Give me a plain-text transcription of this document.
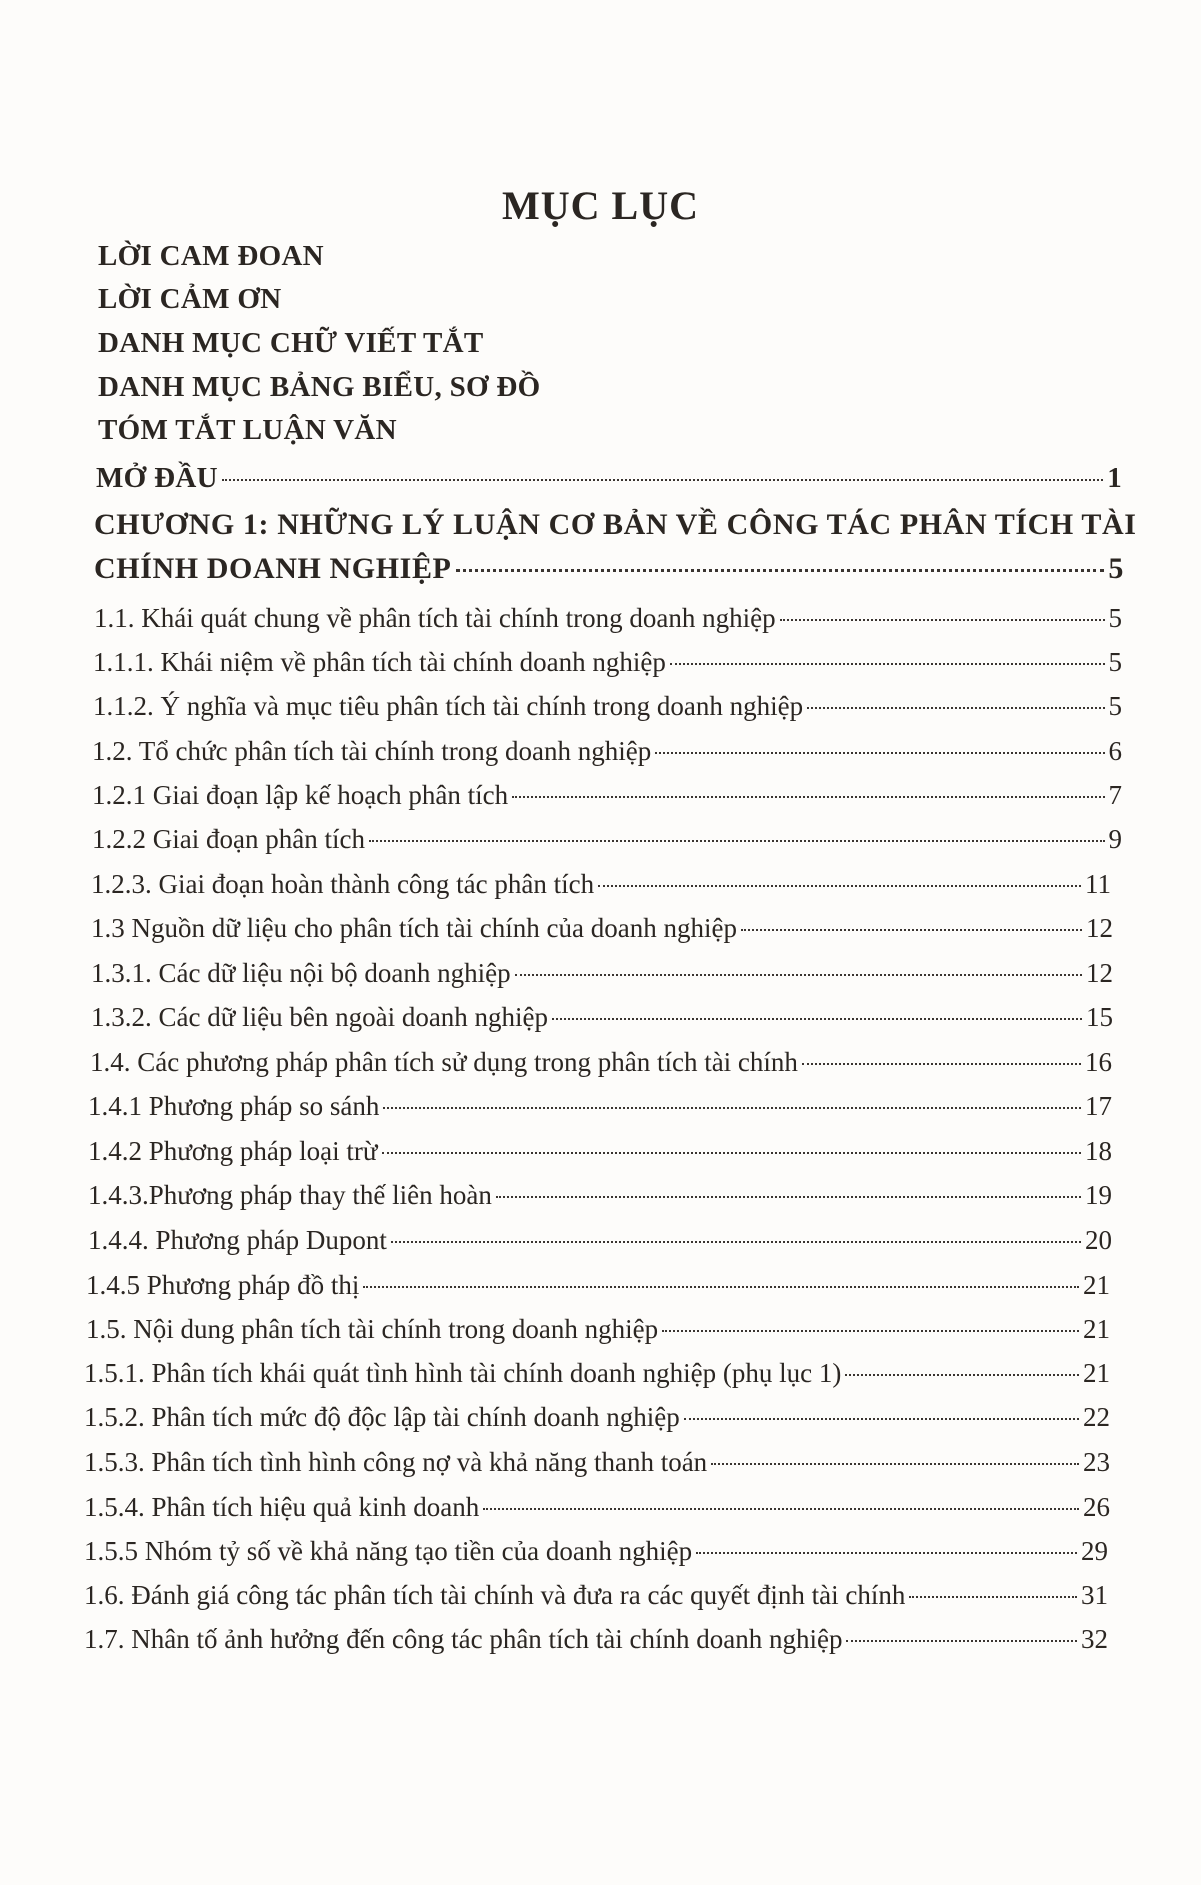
MỤC LỤC
LỜI CAM ĐOAN
LỜI CẢM ƠN
DANH MỤC CHỮ VIẾT TẮT
DANH MỤC BẢNG BIỂU, SƠ ĐỒ
TÓM TẮT LUẬN VĂN
MỞ ĐẦU	1
CHƯƠNG 1: NHỮNG LÝ LUẬN CƠ BẢN VỀ CÔNG TÁC PHÂN TÍCH TÀI
CHÍNH DOANH NGHIỆP	5
1.1. Khái quát chung về phân tích tài chính trong doanh nghiệp	5
1.1.1. Khái niệm về phân tích tài chính doanh nghiệp	5
1.1.2. Ý nghĩa và mục tiêu phân tích tài chính trong doanh nghiệp	5
1.2. Tổ chức phân tích tài chính trong doanh nghiệp	6
1.2.1 Giai đoạn lập kế hoạch phân tích	7
1.2.2 Giai đoạn phân tích	9
1.2.3. Giai đoạn hoàn thành công tác phân tích	11
1.3 Nguồn dữ liệu cho phân tích tài chính của doanh nghiệp	12
1.3.1. Các dữ liệu nội bộ doanh nghiệp	12
1.3.2. Các dữ liệu bên ngoài doanh nghiệp	15
1.4. Các phương pháp phân tích sử dụng trong phân tích tài chính	16
1.4.1 Phương pháp so sánh	17
1.4.2 Phương pháp loại trừ	18
1.4.3.Phương pháp thay thế liên hoàn	19
1.4.4. Phương pháp Dupont	20
1.4.5 Phương pháp đồ thị	21
1.5. Nội dung phân tích tài chính trong doanh nghiệp	21
1.5.1. Phân tích khái quát tình hình tài chính doanh nghiệp (phụ lục 1)	21
1.5.2. Phân tích mức độ độc lập tài chính doanh nghiệp	22
1.5.3. Phân tích tình hình công nợ và khả năng thanh toán	23
1.5.4. Phân tích hiệu quả kinh doanh	26
1.5.5 Nhóm tỷ số về khả năng tạo tiền của doanh nghiệp	29
1.6. Đánh giá công tác phân tích tài chính và đưa ra các quyết định tài chính	31
1.7. Nhân tố ảnh hưởng đến công tác phân tích tài chính doanh nghiệp	32
